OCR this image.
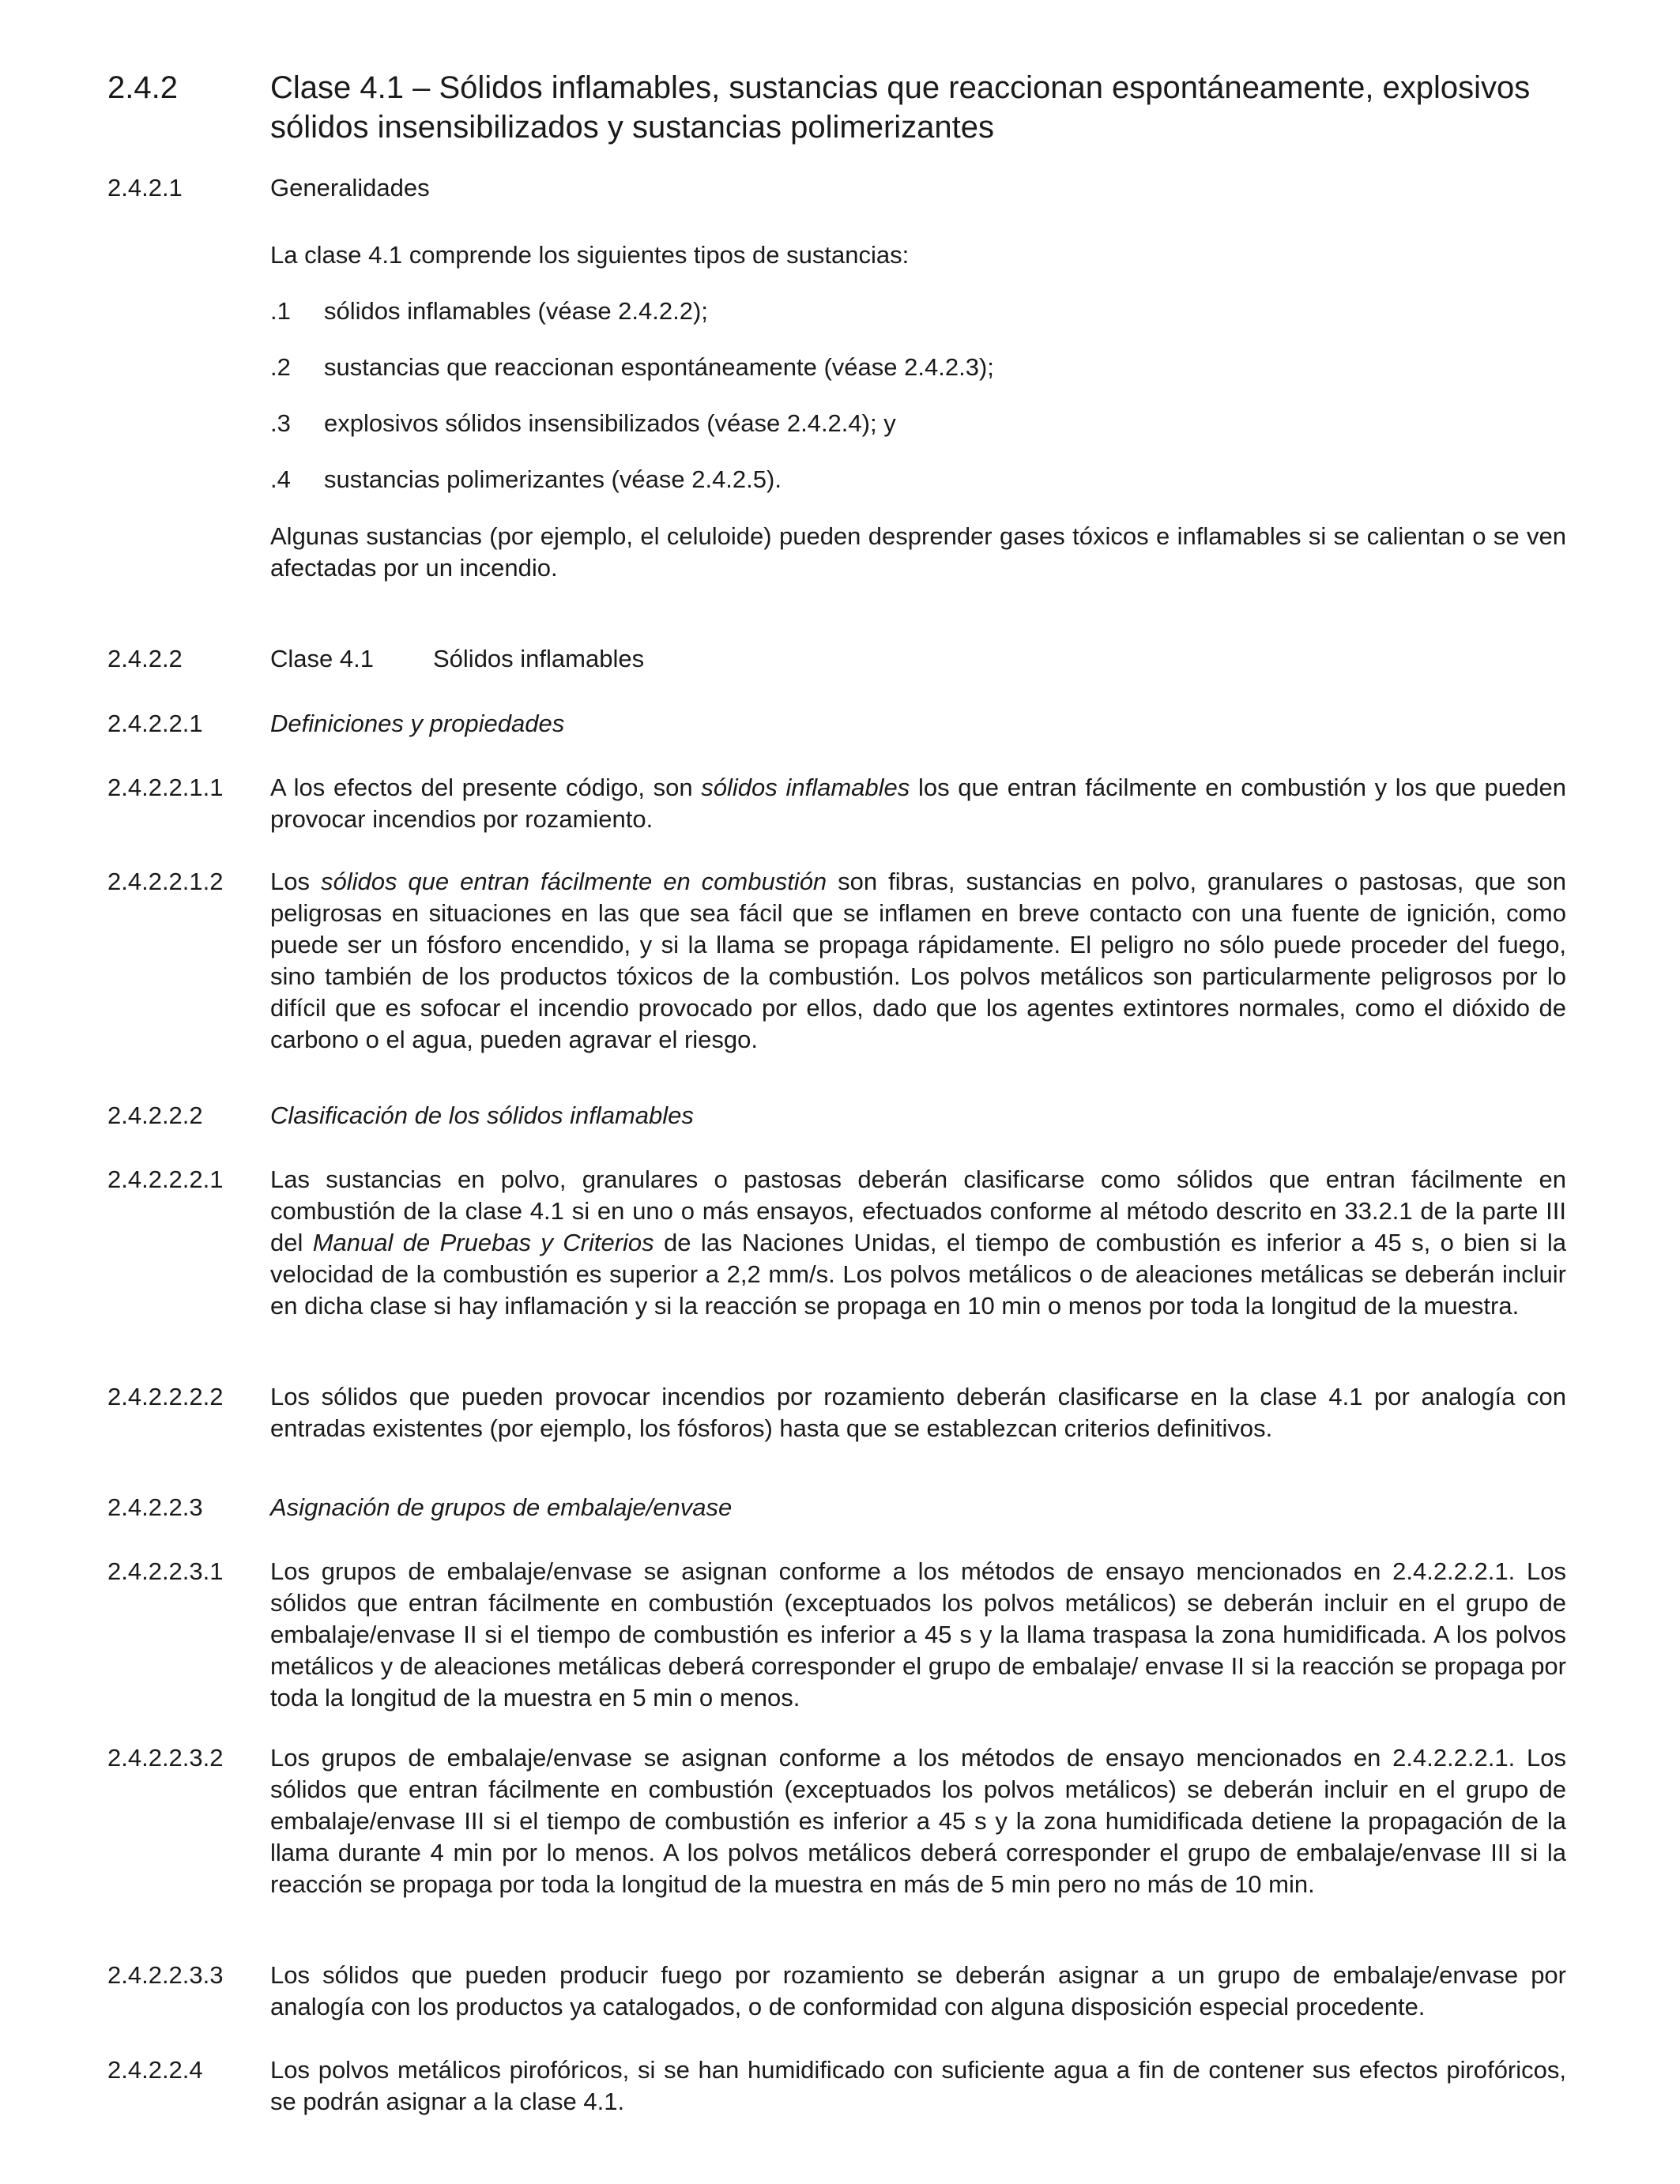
2.4.2	Clase 4.1 – Sólidos inflamables, sustancias que reaccionan espontáneamente, explosivos sólidos insensibilizados y sustancias polimerizantes
2.4.2.1	Generalidades
La clase 4.1 comprende los siguientes tipos de sustancias:
.1 sólidos inflamables (véase 2.4.2.2);
.2 sustancias que reaccionan espontáneamente (véase 2.4.2.3);
.3 explosivos sólidos insensibilizados (véase 2.4.2.4); y
.4 sustancias polimerizantes (véase 2.4.2.5).
Algunas sustancias (por ejemplo, el celuloide) pueden desprender gases tóxicos e inflamables si se calientan o se ven afectadas por un incendio.
2.4.2.2	Clase 4.1	Sólidos inflamables
2.4.2.2.1	Definiciones y propiedades
2.4.2.2.1.1 A los efectos del presente código, son sólidos inflamables los que entran fácilmente en combustión y los que pueden provocar incendios por rozamiento.
2.4.2.2.1.2 Los sólidos que entran fácilmente en combustión son fibras, sustancias en polvo, granulares o pastosas, que son peligrosas en situaciones en las que sea fácil que se inflamen en breve contacto con una fuente de ignición, como puede ser un fósforo encendido, y si la llama se propaga rápidamente. El peligro no sólo puede proceder del fuego, sino también de los productos tóxicos de la combustión. Los polvos metálicos son particularmente peligrosos por lo difícil que es sofocar el incendio provocado por ellos, dado que los agentes extintores normales, como el dióxido de carbono o el agua, pueden agravar el riesgo.
2.4.2.2.2	Clasificación de los sólidos inflamables
2.4.2.2.2.1 Las sustancias en polvo, granulares o pastosas deberán clasificarse como sólidos que entran fácilmente en combustión de la clase 4.1 si en uno o más ensayos, efectuados conforme al método descrito en 33.2.1 de la parte III del Manual de Pruebas y Criterios de las Naciones Unidas, el tiempo de combustión es inferior a 45 s, o bien si la velocidad de la combustión es superior a 2,2 mm/s. Los polvos metálicos o de aleaciones metálicas se deberán incluir en dicha clase si hay inflamación y si la reacción se propaga en 10 min o menos por toda la longitud de la muestra.
2.4.2.2.2.2 Los sólidos que pueden provocar incendios por rozamiento deberán clasificarse en la clase 4.1 por analogía con entradas existentes (por ejemplo, los fósforos) hasta que se establezcan criterios definitivos.
2.4.2.2.3	Asignación de grupos de embalaje/envase
2.4.2.2.3.1 Los grupos de embalaje/envase se asignan conforme a los métodos de ensayo mencionados en 2.4.2.2.2.1. Los sólidos que entran fácilmente en combustión (exceptuados los polvos metálicos) se deberán incluir en el grupo de embalaje/envase II si el tiempo de combustión es inferior a 45 s y la llama traspasa la zona humidificada. A los polvos metálicos y de aleaciones metálicas deberá corresponder el grupo de embalaje/ envase II si la reacción se propaga por toda la longitud de la muestra en 5 min o menos.
2.4.2.2.3.2 Los grupos de embalaje/envase se asignan conforme a los métodos de ensayo mencionados en 2.4.2.2.2.1. Los sólidos que entran fácilmente en combustión (exceptuados los polvos metálicos) se deberán incluir en el grupo de embalaje/envase III si el tiempo de combustión es inferior a 45 s y la zona humidificada detiene la propagación de la llama durante 4 min por lo menos. A los polvos metálicos deberá corresponder el grupo de embalaje/envase III si la reacción se propaga por toda la longitud de la muestra en más de 5 min pero no más de 10 min.
2.4.2.2.3.3 Los sólidos que pueden producir fuego por rozamiento se deberán asignar a un grupo de embalaje/envase por analogía con los productos ya catalogados, o de conformidad con alguna disposición especial procedente.
2.4.2.2.4	Los polvos metálicos pirofóricos, si se han humidificado con suficiente agua a fin de contener sus efectos pirofóricos, se podrán asignar a la clase 4.1.
